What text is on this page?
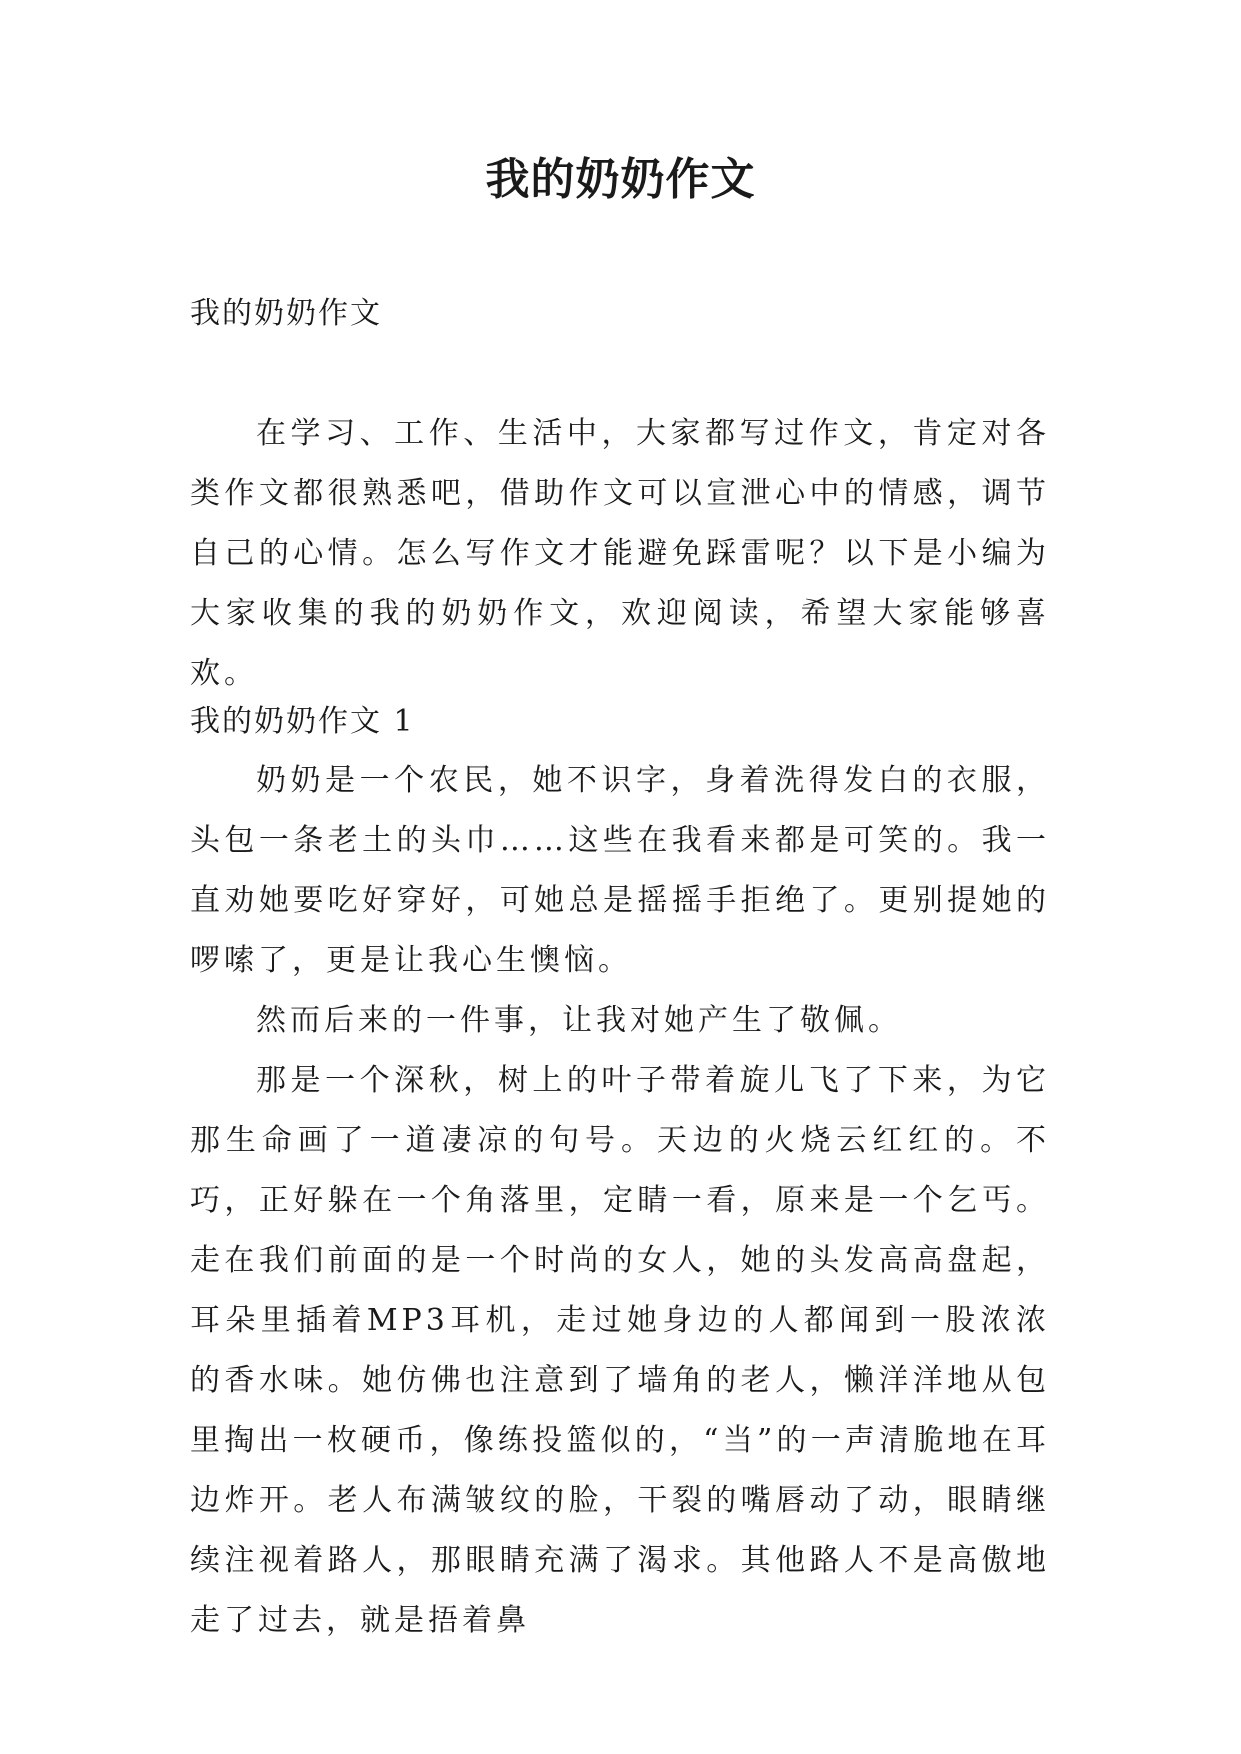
我的奶奶作文
我的奶奶作文

在学习、工作、生活中，大家都写过作文，肯定对各类作文都很熟悉吧，借助作文可以宣泄心中的情感，调节自己的心情。怎么写作文才能避免踩雷呢？以下是小编为大家收集的我的奶奶作文，欢迎阅读，希望大家能够喜欢。

我的奶奶作文 1

奶奶是一个农民，她不识字，身着洗得发白的衣服，头包一条老土的头巾……这些在我看来都是可笑的。我一直劝她要吃好穿好，可她总是摇摇手拒绝了。更别提她的啰嗦了，更是让我心生懊恼。

然而后来的一件事，让我对她产生了敬佩。

那是一个深秋，树上的叶子带着旋儿飞了下来，为它那生命画了一道凄凉的句号。天边的火烧云红红的。不巧，正好躲在一个角落里，定睛一看，原来是一个乞丐。走在我们前面的是一个时尚的女人，她的头发高高盘起，耳朵里插着MP3耳机，走过她身边的人都闻到一股浓浓的香水味。她仿佛也注意到了墙角的老人，懒洋洋地从包里掏出一枚硬币，像练投篮似的，“当”的一声清脆地在耳边炸开。老人布满皱纹的脸，干裂的嘴唇动了动，眼睛继续注视着路人，那眼睛充满了渴求。其他路人不是高傲地走了过去，就是捂着鼻
